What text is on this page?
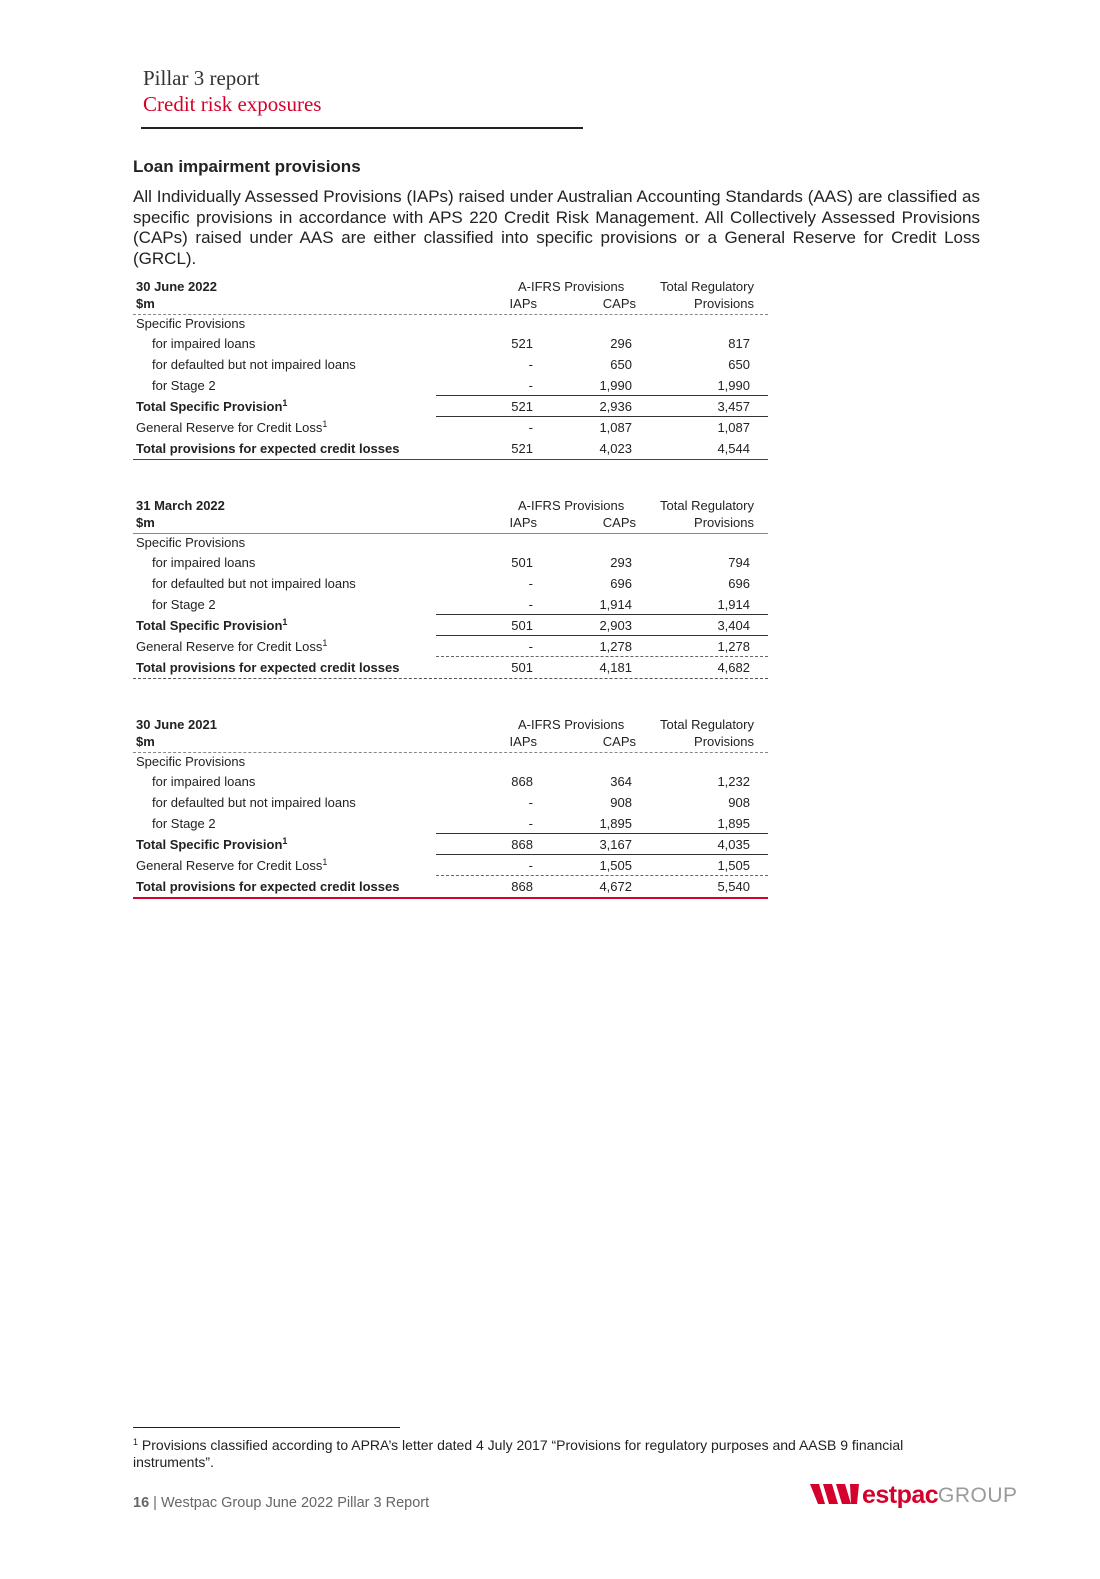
Pillar 3 report
Credit risk exposures
Loan impairment provisions

All Individually Assessed Provisions (IAPs) raised under Australian Accounting Standards (AAS) are classified as specific provisions in accordance with APS 220 Credit Risk Management. All Collectively Assessed Provisions (CAPs) raised under AAS are either classified into specific provisions or a General Reserve for Credit Loss (GRCL).

30 June 2022	A-IFRS Provisions	Total Regulatory
$m	IAPs	CAPs	Provisions
Specific Provisions
for impaired loans	521	296	817
for defaulted but not impaired loans	-	650	650
for Stage 2	-	1,990	1,990
Total Specific Provision$^1$	521	2,936	3,457
General Reserve for Credit Loss$^1$	-	1,087	1,087
Total provisions for expected credit losses	521	4,023	4,544
31 March 2022	A-IFRS Provisions	Total Regulatory
$m	IAPs	CAPs	Provisions
Specific Provisions
for impaired loans	501	293	794
for defaulted but not impaired loans	-	696	696
for Stage 2	-	1,914	1,914
Total Specific Provision$^1$	501	2,903	3,404
General Reserve for Credit Loss$^1$	-	1,278	1,278
Total provisions for expected credit losses	501	4,181	4,682
30 June 2021	A-IFRS Provisions	Total Regulatory
$m	IAPs	CAPs	Provisions
Specific Provisions
for impaired loans	868	364	1,232
for defaulted but not impaired loans	-	908	908
for Stage 2	-	1,895	1,895
Total Specific Provision$^1$	868	3,167	4,035
General Reserve for Credit Loss$^1$	-	1,505	1,505
Total provisions for expected credit losses	868	4,672	5,540

$^1$ Provisions classified according to APRA’s letter dated 4 July 2017 “Provisions for regulatory purposes and AASB 9 financial instruments”.

16 | Westpac Group June 2022 Pillar 3 Report	estpac GROUP
